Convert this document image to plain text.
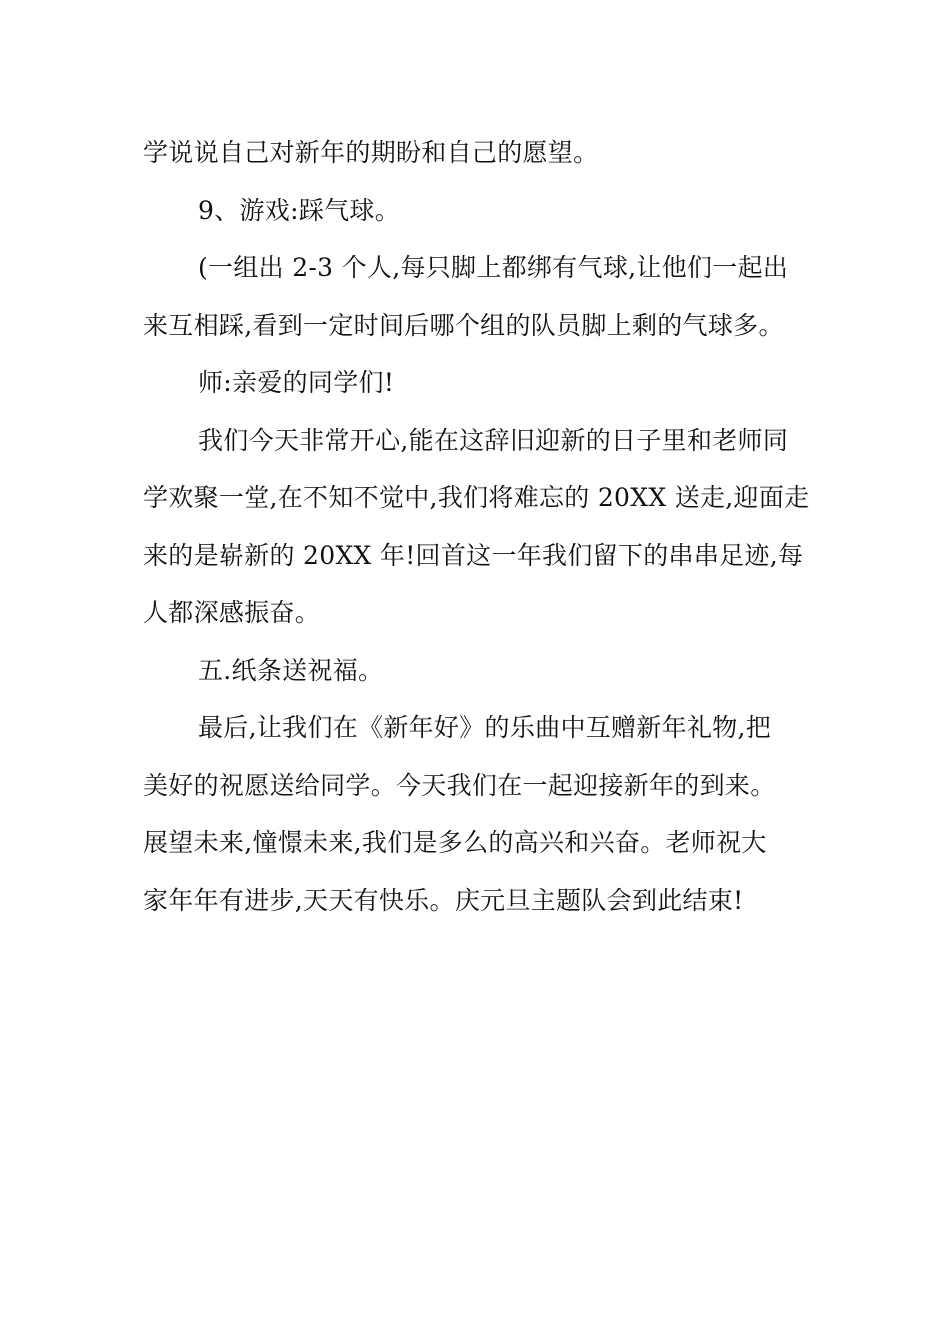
学说说自己对新年的期盼和自己的愿望。

9、游戏:踩气球。

(一组出 2-3 个人,每只脚上都绑有气球,让他们一起出
来互相踩,看到一定时间后哪个组的队员脚上剩的气球多。

师:亲爱的同学们!

我们今天非常开心,能在这辞旧迎新的日子里和老师同
学欢聚一堂,在不知不觉中,我们将难忘的 20XX 送走,迎面走
来的是崭新的 20XX 年!回首这一年我们留下的串串足迹,每
人都深感振奋。

五.纸条送祝福。

最后,让我们在《新年好》的乐曲中互赠新年礼物,把
美好的祝愿送给同学。今天我们在一起迎接新年的到来。
展望未来,憧憬未来,我们是多么的高兴和兴奋。老师祝大
家年年有进步,天天有快乐。庆元旦主题队会到此结束!
